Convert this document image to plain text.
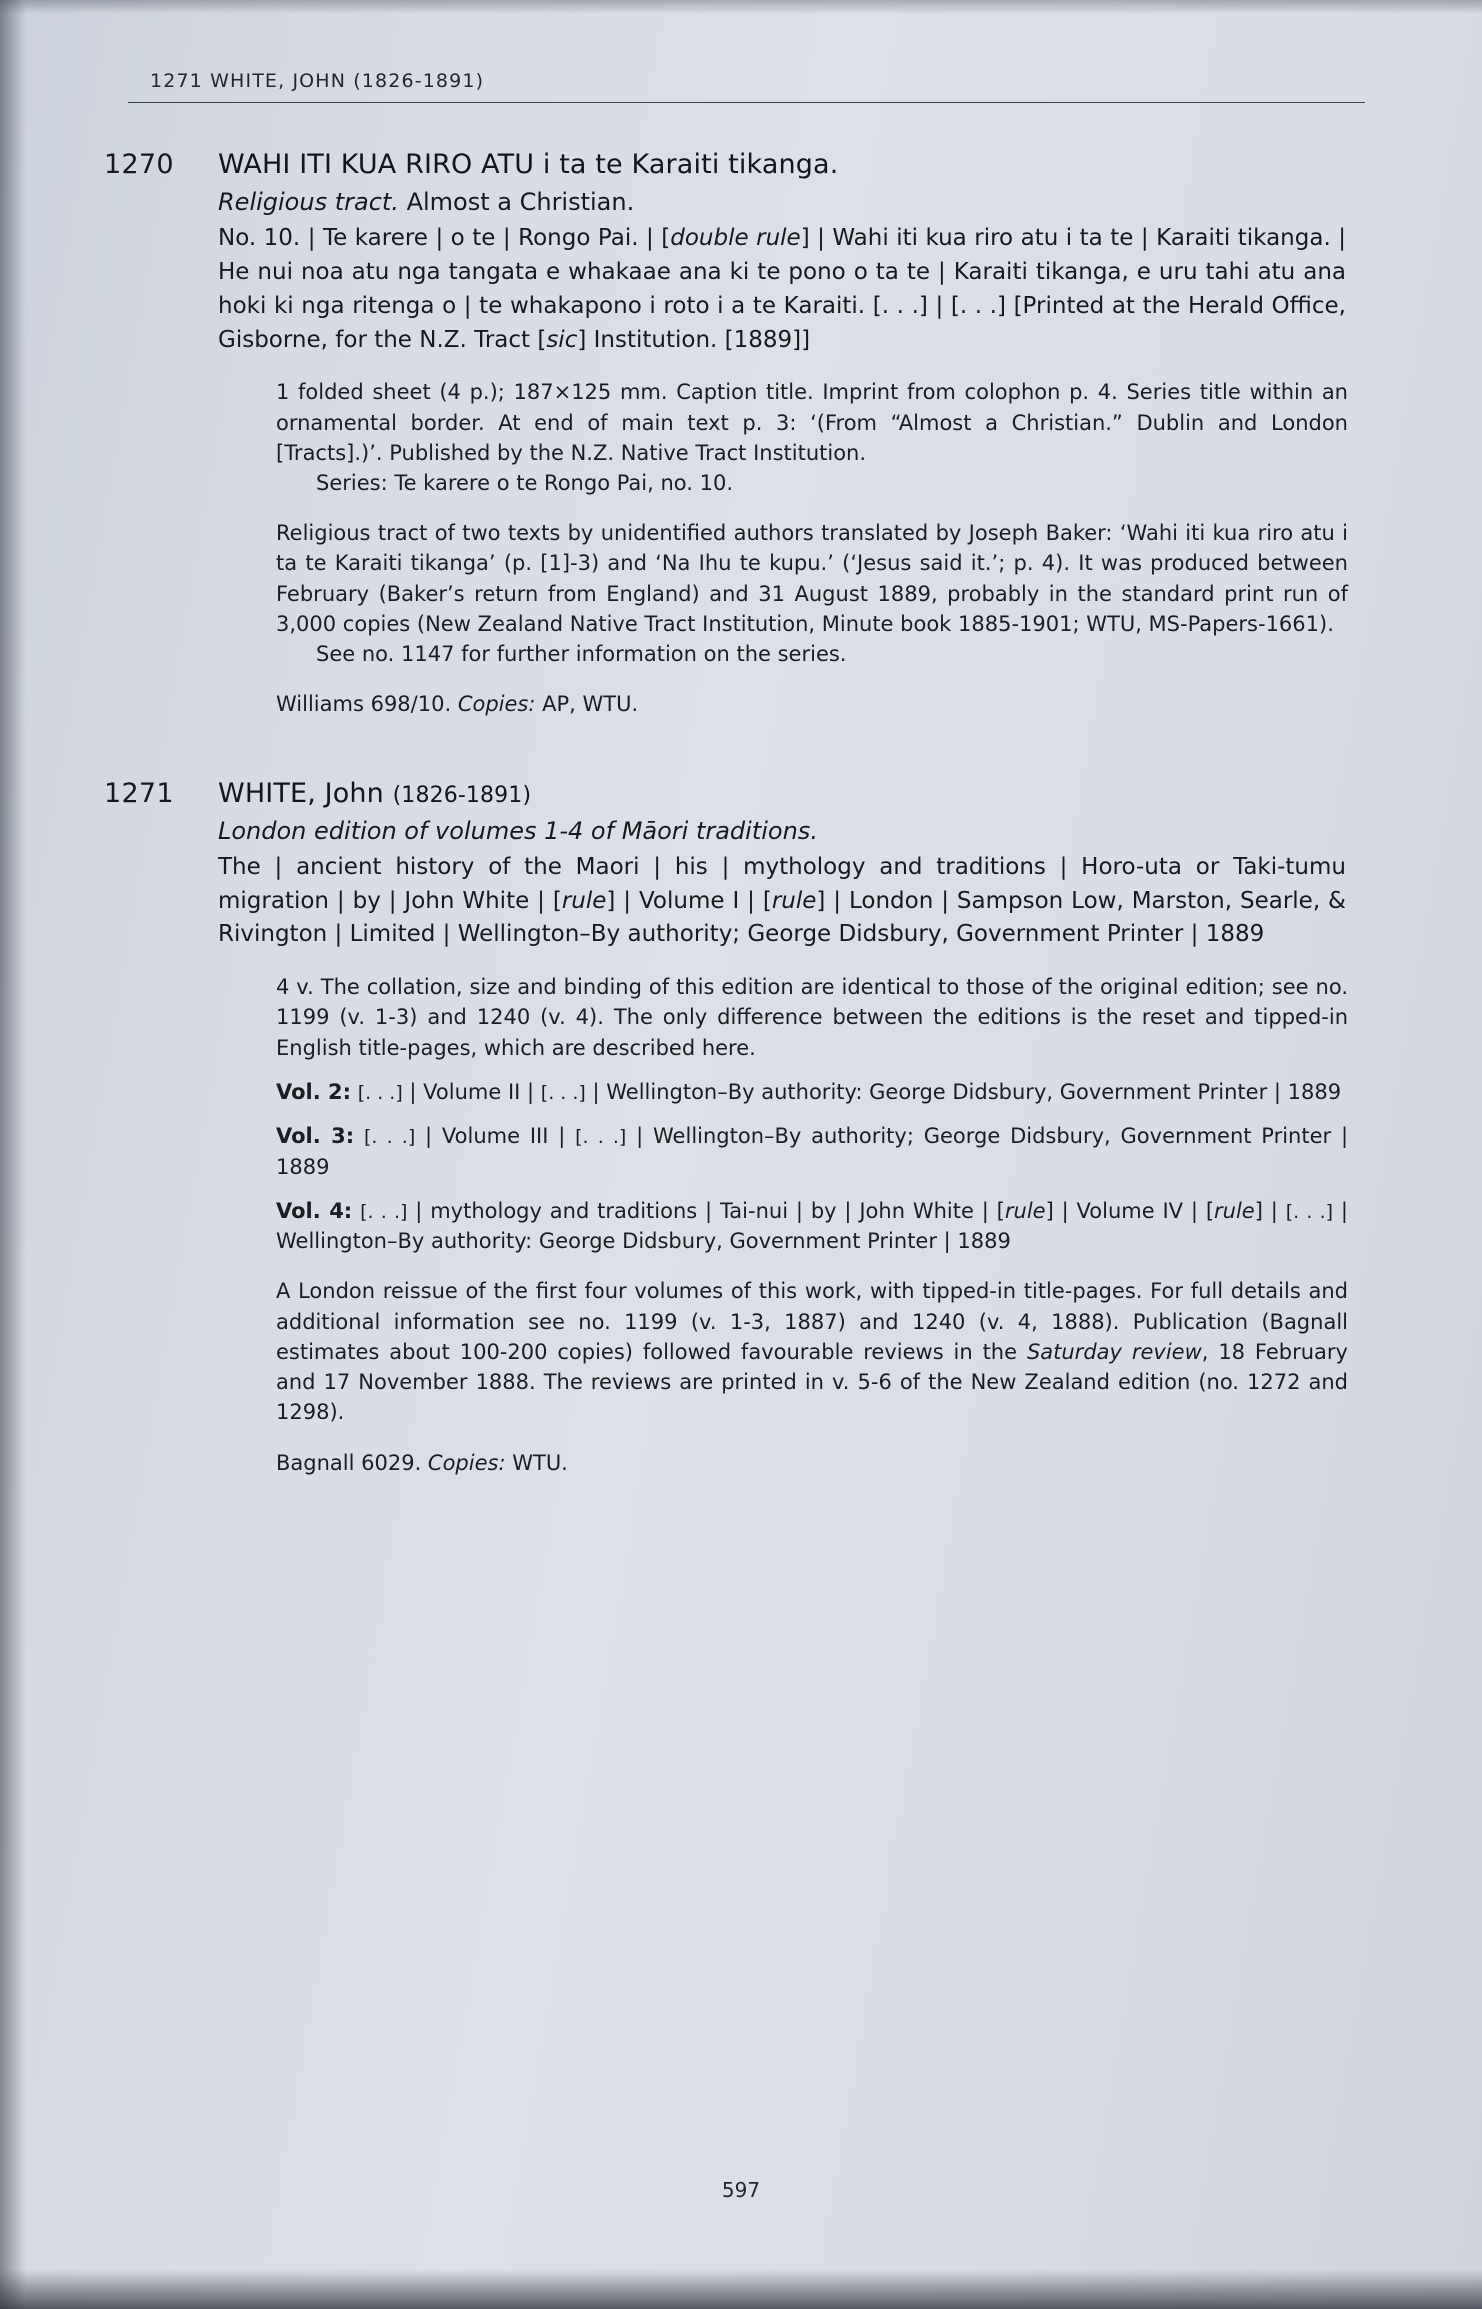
1271 WHITE, JOHN (1826-1891)
1270 WAHI ITI KUA RIRO ATU i ta te Karaiti tikanga.
Religious tract. Almost a Christian.
No. 10. | Te karere | o te | Rongo Pai. | [double rule] | Wahi iti kua riro atu i ta te | Karaiti tikanga. | He nui noa atu nga tangata e whakaae ana ki te pono o ta te | Karaiti tikanga, e uru tahi atu ana hoki ki nga ritenga o | te whakapono i roto i a te Karaiti. [. . .] | [. . .] [Printed at the Herald Office, Gisborne, for the N.Z. Tract [sic] Institution. [1889]]
1 folded sheet (4 p.); 187×125 mm. Caption title. Imprint from colophon p. 4. Series title within an ornamental border. At end of main text p. 3: ‘(From “Almost a Christian.” Dublin and London [Tracts].)’. Published by the N.Z. Native Tract Institution.
Series: Te karere o te Rongo Pai, no. 10.
Religious tract of two texts by unidentified authors translated by Joseph Baker: ‘Wahi iti kua riro atu i ta te Karaiti tikanga’ (p. [1]-3) and ‘Na Ihu te kupu.’ (‘Jesus said it.’; p. 4). It was produced between February (Baker’s return from England) and 31 August 1889, probably in the standard print run of 3,000 copies (New Zealand Native Tract Institution, Minute book 1885-1901; WTU, MS-Papers-1661).
See no. 1147 for further information on the series.
Williams 698/10. Copies: AP, WTU.
1271 WHITE, John (1826-1891)
London edition of volumes 1-4 of Māori traditions.
The | ancient history of the Maori | his | mythology and traditions | Horo-uta or Taki-tumu migration | by | John White | [rule] | Volume I | [rule] | London | Sampson Low, Marston, Searle, & Rivington | Limited | Wellington–By authority; George Didsbury, Government Printer | 1889
4 v. The collation, size and binding of this edition are identical to those of the original edition; see no. 1199 (v. 1-3) and 1240 (v. 4). The only difference between the editions is the reset and tipped-in English title-pages, which are described here.
Vol. 2: [. . .] | Volume II | [. . .] | Wellington–By authority: George Didsbury, Government Printer | 1889
Vol. 3: [. . .] | Volume III | [. . .] | Wellington–By authority; George Didsbury, Government Printer | 1889
Vol. 4: [. . .] | mythology and traditions | Tai-nui | by | John White | [rule] | Volume IV | [rule] | [. . .] | Wellington–By authority: George Didsbury, Government Printer | 1889
A London reissue of the first four volumes of this work, with tipped-in title-pages. For full details and additional information see no. 1199 (v. 1-3, 1887) and 1240 (v. 4, 1888). Publication (Bagnall estimates about 100-200 copies) followed favourable reviews in the Saturday review, 18 February and 17 November 1888. The reviews are printed in v. 5-6 of the New Zealand edition (no. 1272 and 1298).
Bagnall 6029. Copies: WTU.
597
